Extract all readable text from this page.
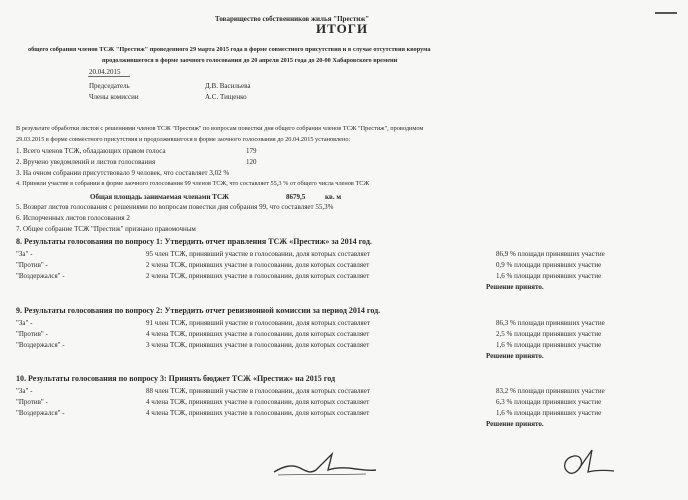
Товарищество собственников жилья "Престиж"
ИТОГИ
общего собрания членов ТСЖ "Престиж" проведенного 29 марта 2015 года в форме совместного присутствия и в случае отсутствия кворума
продолжившегося в форме заочного голосования до 20 апреля 2015 года до 20-00 Хабаровского времени
20.04.2015
Председатель	Д.В. Васильева
Члены комиссии	А.С. Тищенко
В результате обработки листов с решениями членов ТСЖ "Престиж" по вопросам повестки дня общего собрания членов ТСЖ "Престиж", проводимом
29.03.2015 в форме совместного присутствия и продолжившегося в форме заочного голосования до 20.04.2015 установлено:
1. Всего членов ТСЖ, обладающих правом голоса	179
2. Вручено уведомлений и листов голосования	120
3. На очном собрании присутствовало 9 человек, что составляет 3,02 %
4. Приняли участие в собрании в форме заочного голосования 99 членов ТСЖ, что составляет 55,3 % от общего числа членов ТСЖ
Общая площадь занимаемая членами ТСЖ	8679,5	кв. м
5. Возврат листов голосования с решениями по вопросам повестки дня собрания 99, что составляет 55,3%
6. Испорченных листов голосования 2
7. Общее собрание ТСЖ "Престиж" признано правомочным
8. Результаты голосования по вопросу 1: Утвердить отчет правления ТСЖ «Престиж» за 2014 год.
"За" -	95 член ТСЖ, принявший участие в голосовании, доля которых составляет	86,9 % площади принявших участие
"Против" -	2 члена ТСЖ, принявших участие в голосовании, доля которых составляет	0,9 % площади принявших участие
"Воздержался" -	2 члена ТСЖ, принявших участие в голосовании, доля которых составляет	1,6 % площади принявших участие
Решение принято.
9. Результаты голосования по вопросу 2: Утвердить отчет ревизионной комиссии за период 2014 год.
"За" -	91 член ТСЖ, принявший участие в голосовании, доля которых составляет	86,3 % площади принявших участие
"Против" -	4 члена ТСЖ, принявших участие в голосовании, доля которых составляет	2,5 % площади принявших участие
"Воздержался" -	3 члена ТСЖ, принявших участие в голосовании, доля которых составляет	1,6 % площади принявших участие
Решение принято.
10. Результаты голосования по вопросу 3: Принять бюджет ТСЖ «Престиж» на 2015 год
"За" -	88 член ТСЖ, принявший участие в голосовании, доля которых составляет	83,2 % площади принявших участие
"Против" -	4 члена ТСЖ, принявших участие в голосовании, доля которых составляет	6,3 % площади принявших участие
"Воздержался" -	4 члена ТСЖ, принявших участие в голосовании, доля которых составляет	1,6 % площади принявших участие
Решение принято.
